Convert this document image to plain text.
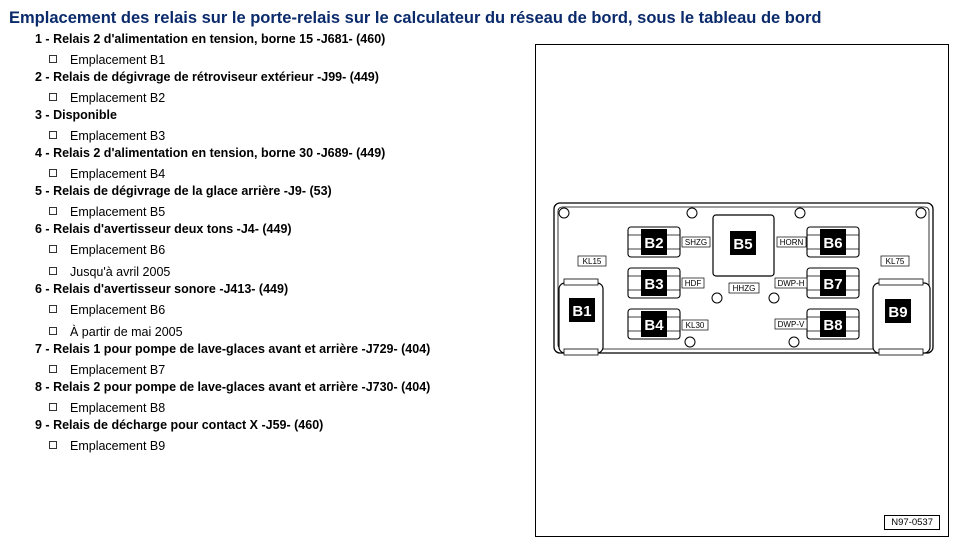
Emplacement des relais sur le porte-relais sur le calculateur du réseau de bord, sous le tableau de bord
1 - Relais 2 d'alimentation en tension, borne 15 -J681- (460)
Emplacement B1
2 - Relais de dégivrage de rétroviseur extérieur -J99- (449)
Emplacement B2
3 - Disponible
Emplacement B3
4 - Relais 2 d'alimentation en tension, borne 30 -J689- (449)
Emplacement B4
5 - Relais de dégivrage de la glace arrière -J9- (53)
Emplacement B5
6 - Relais d'avertisseur deux tons -J4- (449)
Emplacement B6
Jusqu'à avril 2005
6 - Relais d'avertisseur sonore -J413- (449)
Emplacement B6
À partir de mai 2005
7 - Relais 1 pour pompe de lave-glaces avant et arrière -J729- (404)
Emplacement B7
8 - Relais 2 pour pompe de lave-glaces avant et arrière -J730- (404)
Emplacement B8
9 - Relais de décharge pour contact X -J59- (460)
Emplacement B9
B1	B9
B5
B2
B3
B4
B6
B7
B8
KL15
SHZG
HDF
KL30
HORN
HHZG
DWP-H
DWP-V
KL75
N97-0537
